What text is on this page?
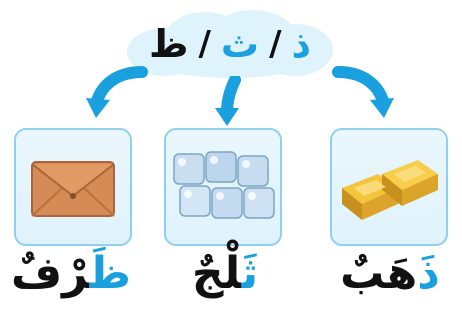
ذ
/
ث
/
ظ
ظَرْفٌ	ثَلْجٌ	ذَهَبٌ
